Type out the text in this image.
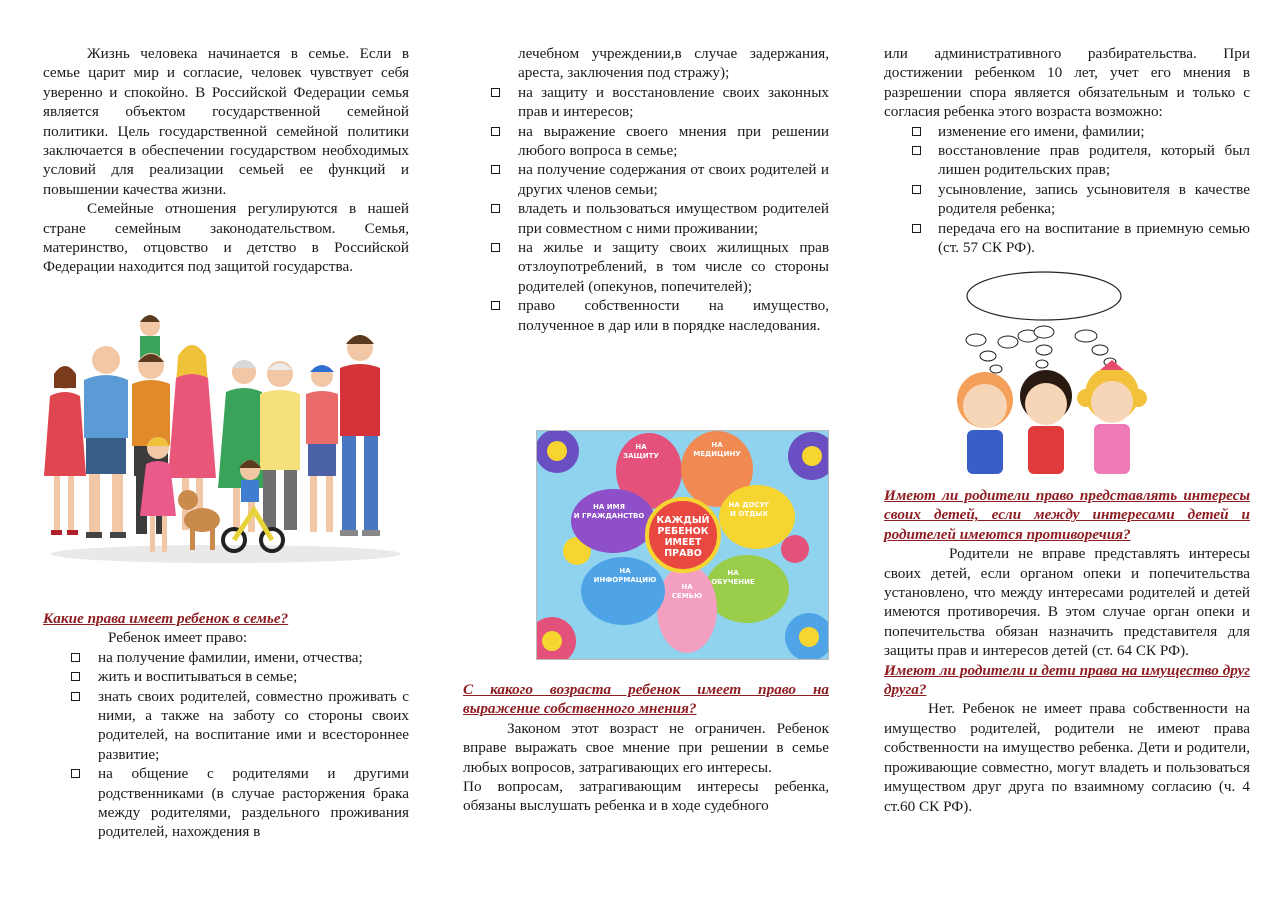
Жизнь человека начинается в семье. Если в семье царит мир и согласие, человек чувствует себя уверенно и спокойно. В Российской Федерации семья является объектом государственной семейной политики. Цель государственной семейной политики заключается в обеспечении государством необходимых условий для реализации семьей ее функций и повышении качества жизни.

Семейные отношения регулируются в нашей стране семейным законодательством. Семья, материнство, отцовство и детство в Российской Федерации находится под защитой государства.

Какие права имеет ребенок в семье?

Ребенок имеет право:

на получение фамилии, имени, отчества;
жить и воспитываться в семье;
знать своих родителей, совместно проживать с ними, а также на заботу со стороны своих родителей, на воспитание ими и всестороннее развитие;
на общение с родителями и другими родственниками (в случае расторжения брака между родителями, раздельного проживания родителей, нахождения в

лечебном учреждении,в случае задержания, ареста, заключения под стражу);

на защиту и восстановление своих законных прав и интересов;
на выражение своего мнения при решении любого вопроса в семье;
на получение содержания от своих родителей и других членов семьи;
владеть и пользоваться имуществом родителей при совместном с ними проживании;
на жилье и защиту своих жилищных прав отзлоупотреблений, в том числе со стороны родителей (опекунов, попечителей);
право собственности на имущество, полученное в дар или в порядке наследования.
НА
ЗАЩИТУ
НА
МЕДИЦИНУ
НА ДОСУГ
И ОТДЫХ
НА
ОБУЧЕНИЕ
НА
СЕМЬЮ
НА
ИНФОРМАЦИЮ
НА ИМЯ
И ГРАЖДАНСТВО КАЖДЫЙ
РЕБЕНОК
ИМЕЕТ
ПРАВО

С какого возраста ребенок имеет право на выражение собственного мнения?

Законом этот возраст не ограничен. Ребенок вправе выражать свое мнение при решении в семье любых вопросов, затрагивающих его интересы.

По вопросам, затрагивающим интересы ребенка, обязаны выслушать ребенка и в ходе судебного

или административного разбирательства. При достижении ребенком 10 лет, учет его мнения в разрешении спора является обязательным и только с согласия ребенка этого возраста возможно:

изменение его имени, фамилии;
восстановление прав родителя, который был лишен родительских прав;
усыновление, запись усыновителя в качестве родителя ребенка;
передача его на воспитание в приемную семью (ст. 57 СК РФ).

Имеют ли родители право представлять интересы своих детей, если между интересами детей и родителей имеются противоречия?

Родители не вправе представлять интересы своих детей, если органом опеки и попечительства установлено, что между интересами родителей и детей имеются противоречия. В этом случае орган опеки и попечительства обязан назначить представителя для защиты прав и интересов детей (ст. 64 СК РФ).

Имеют ли родители и дети права на имущество друг друга?

Нет. Ребенок не имеет права собственности на имущество родителей, родители не имеют права собственности на имущество ребенка. Дети и родители, проживающие совместно, могут владеть и пользоваться имуществом друг друга по взаимному согласию (ч. 4 ст.60 СК РФ).
